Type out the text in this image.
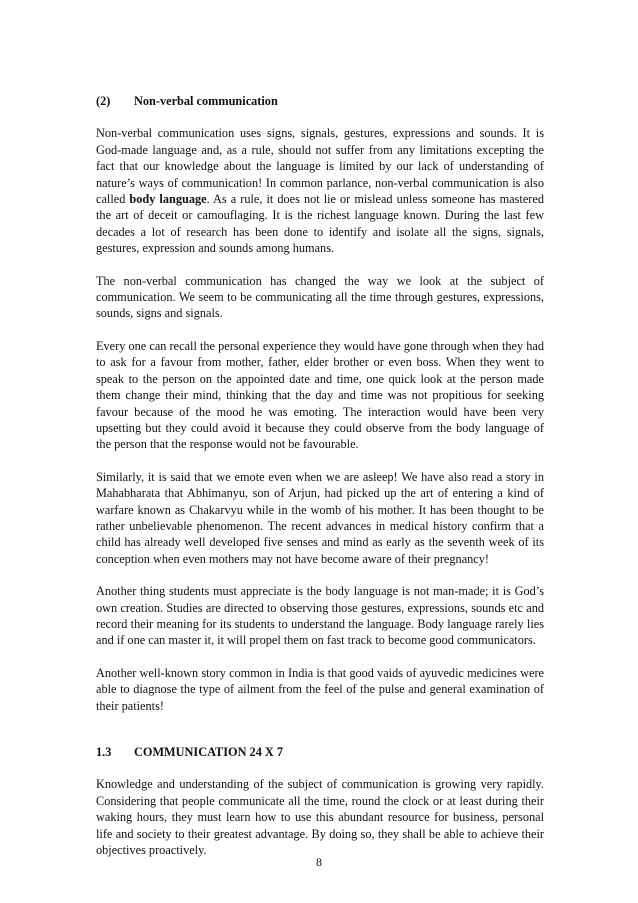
(2)	Non-verbal communication

Non-verbal communication uses signs, signals, gestures, expressions and sounds. It is God-made language and, as a rule, should not suffer from any limitations excepting the fact that our knowledge about the language is limited by our lack of understanding of nature’s ways of communication! In common parlance, non-verbal communication is also called body language. As a rule, it does not lie or mislead unless someone has mastered the art of deceit or camouflaging. It is the richest language known. During the last few decades a lot of research has been done to identify and isolate all the signs, signals, gestures, expression and sounds among humans.

The non-verbal communication has changed the way we look at the subject of communication. We seem to be communicating all the time through gestures, expressions, sounds, signs and signals.

Every one can recall the personal experience they would have gone through when they had to ask for a favour from mother, father, elder brother or even boss. When they went to speak to the person on the appointed date and time, one quick look at the person made them change their mind, thinking that the day and time was not propitious for seeking favour because of the mood he was emoting. The interaction would have been very upsetting but they could avoid it because they could observe from the body language of the person that the response would not be favourable.

Similarly, it is said that we emote even when we are asleep! We have also read a story in Mahabharata that Abhimanyu, son of Arjun, had picked up the art of entering a kind of warfare known as Chakarvyu while in the womb of his mother. It has been thought to be rather unbelievable phenomenon. The recent advances in medical history confirm that a child has already well developed five senses and mind as early as the seventh week of its conception when even mothers may not have become aware of their pregnancy!

Another thing students must appreciate is the body language is not man-made; it is God’s own creation. Studies are directed to observing those gestures, expressions, sounds etc and record their meaning for its students to understand the language. Body language rarely lies and if one can master it, it will propel them on fast track to become good communicators.

Another well-known story common in India is that good vaids of ayuvedic medicines were able to diagnose the type of ailment from the feel of the pulse and general examination of their patients!

1.3	COMMUNICATION 24 X 7

Knowledge and understanding of the subject of communication is growing very rapidly. Considering that people communicate all the time, round the clock or at least during their waking hours, they must learn how to use this abundant resource for business, personal life and society to their greatest advantage. By doing so, they shall be able to achieve their objectives proactively.

8
